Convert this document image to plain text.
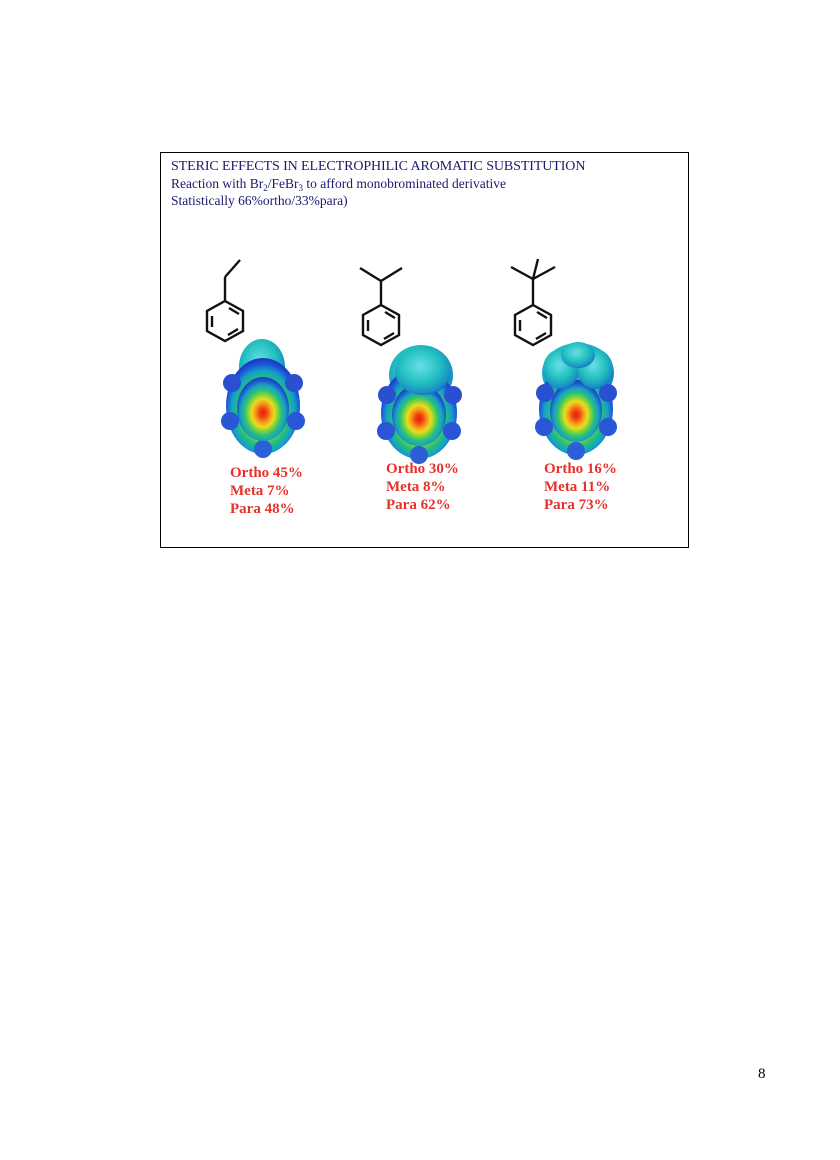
STERIC EFFECTS IN ELECTROPHILIC AROMATIC SUBSTITUTION
Reaction with $Br_2/FeBr_3$ to afford monobrominated derivative
Statistically 66%ortho/33%para)
Ortho 45%
Meta 7%
Para 48%
Ortho 30%
Meta 8%
Para 62%
Ortho 16%
Meta 11%
Para 73%
8
